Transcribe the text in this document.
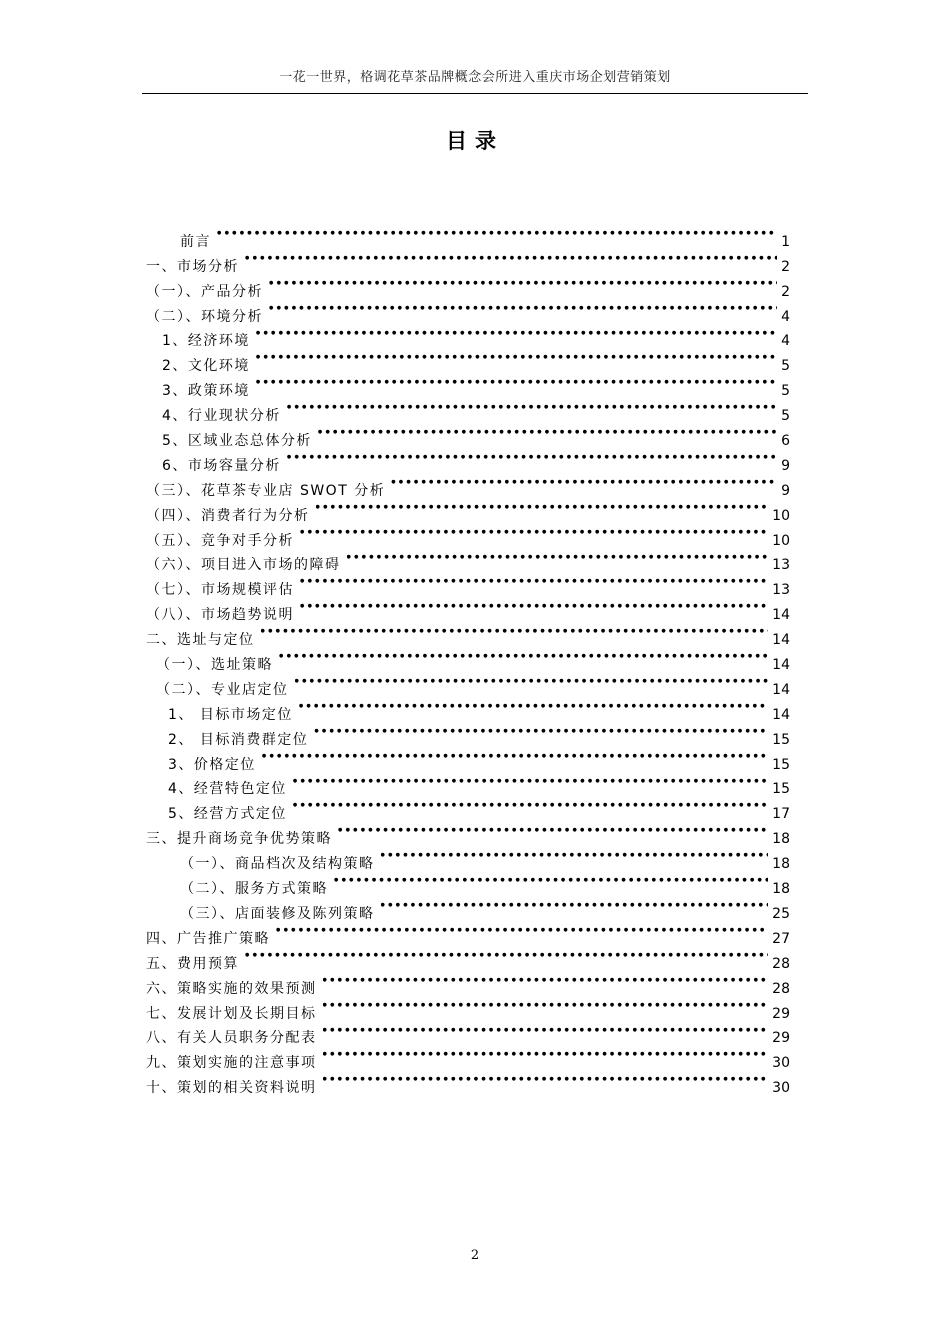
一花一世界，格调花草茶品牌概念会所进入重庆市场企划营销策划
目录
前言 ●●●●●●●●●●●●●●●●●●●●●●●●●●●●●●●●●●●●●●●●●●●●●●●●●●●●●●●●●●●●●●●●●●●●●●●●●●●●●●●●●●●●	1
一、市场分析 ●●●●●●●●●●●●●●●●●●●●●●●●●●●●●●●●●●●●●●●●●●●●●●●●●●●●●●●●●●●●●●●●●●●●●●●●●●●●●●●●●●●●	2
（一）、产品分析 ●●●●●●●●●●●●●●●●●●●●●●●●●●●●●●●●●●●●●●●●●●●●●●●●●●●●●●●●●●●●●●●●●●●●●●●●●●●●●●●●●●●●	2
（二）、环境分析 ●●●●●●●●●●●●●●●●●●●●●●●●●●●●●●●●●●●●●●●●●●●●●●●●●●●●●●●●●●●●●●●●●●●●●●●●●●●●●●●●●●●●	4
1、经济环境 ●●●●●●●●●●●●●●●●●●●●●●●●●●●●●●●●●●●●●●●●●●●●●●●●●●●●●●●●●●●●●●●●●●●●●●●●●●●●●●●●●●●●	4
2、文化环境 ●●●●●●●●●●●●●●●●●●●●●●●●●●●●●●●●●●●●●●●●●●●●●●●●●●●●●●●●●●●●●●●●●●●●●●●●●●●●●●●●●●●●	5
3、政策环境 ●●●●●●●●●●●●●●●●●●●●●●●●●●●●●●●●●●●●●●●●●●●●●●●●●●●●●●●●●●●●●●●●●●●●●●●●●●●●●●●●●●●●	5
4、行业现状分析 ●●●●●●●●●●●●●●●●●●●●●●●●●●●●●●●●●●●●●●●●●●●●●●●●●●●●●●●●●●●●●●●●●●●●●●●●●●●●●●●●●●●●	5
5、区域业态总体分析 ●●●●●●●●●●●●●●●●●●●●●●●●●●●●●●●●●●●●●●●●●●●●●●●●●●●●●●●●●●●●●●●●●●●●●●●●●●●●●●●●●●●●	6
6、市场容量分析 ●●●●●●●●●●●●●●●●●●●●●●●●●●●●●●●●●●●●●●●●●●●●●●●●●●●●●●●●●●●●●●●●●●●●●●●●●●●●●●●●●●●●	9
（三）、花草茶专业店 SWOT 分析 ●●●●●●●●●●●●●●●●●●●●●●●●●●●●●●●●●●●●●●●●●●●●●●●●●●●●●●●●●●●●●●●●●●●●●●●●●●●●●●●●●●●●	9
（四）、消费者行为分析 ●●●●●●●●●●●●●●●●●●●●●●●●●●●●●●●●●●●●●●●●●●●●●●●●●●●●●●●●●●●●●●●●●●●●●●●●●●●●●●●●●●●●	10
（五）、竞争对手分析 ●●●●●●●●●●●●●●●●●●●●●●●●●●●●●●●●●●●●●●●●●●●●●●●●●●●●●●●●●●●●●●●●●●●●●●●●●●●●●●●●●●●●	10
（六）、项目进入市场的障碍 ●●●●●●●●●●●●●●●●●●●●●●●●●●●●●●●●●●●●●●●●●●●●●●●●●●●●●●●●●●●●●●●●●●●●●●●●●●●●●●●●●●●●	13
（七）、市场规模评估 ●●●●●●●●●●●●●●●●●●●●●●●●●●●●●●●●●●●●●●●●●●●●●●●●●●●●●●●●●●●●●●●●●●●●●●●●●●●●●●●●●●●●	13
（八）、市场趋势说明 ●●●●●●●●●●●●●●●●●●●●●●●●●●●●●●●●●●●●●●●●●●●●●●●●●●●●●●●●●●●●●●●●●●●●●●●●●●●●●●●●●●●●	14
二、选址与定位 ●●●●●●●●●●●●●●●●●●●●●●●●●●●●●●●●●●●●●●●●●●●●●●●●●●●●●●●●●●●●●●●●●●●●●●●●●●●●●●●●●●●●	14
（一）、选址策略 ●●●●●●●●●●●●●●●●●●●●●●●●●●●●●●●●●●●●●●●●●●●●●●●●●●●●●●●●●●●●●●●●●●●●●●●●●●●●●●●●●●●●	14
（二）、专业店定位 ●●●●●●●●●●●●●●●●●●●●●●●●●●●●●●●●●●●●●●●●●●●●●●●●●●●●●●●●●●●●●●●●●●●●●●●●●●●●●●●●●●●●	14
1、 目标市场定位 ●●●●●●●●●●●●●●●●●●●●●●●●●●●●●●●●●●●●●●●●●●●●●●●●●●●●●●●●●●●●●●●●●●●●●●●●●●●●●●●●●●●●	14
2、 目标消费群定位 ●●●●●●●●●●●●●●●●●●●●●●●●●●●●●●●●●●●●●●●●●●●●●●●●●●●●●●●●●●●●●●●●●●●●●●●●●●●●●●●●●●●●	15
3、价格定位 ●●●●●●●●●●●●●●●●●●●●●●●●●●●●●●●●●●●●●●●●●●●●●●●●●●●●●●●●●●●●●●●●●●●●●●●●●●●●●●●●●●●●	15
4、经营特色定位 ●●●●●●●●●●●●●●●●●●●●●●●●●●●●●●●●●●●●●●●●●●●●●●●●●●●●●●●●●●●●●●●●●●●●●●●●●●●●●●●●●●●●	15
5、经营方式定位 ●●●●●●●●●●●●●●●●●●●●●●●●●●●●●●●●●●●●●●●●●●●●●●●●●●●●●●●●●●●●●●●●●●●●●●●●●●●●●●●●●●●●	17
三、提升商场竞争优势策略 ●●●●●●●●●●●●●●●●●●●●●●●●●●●●●●●●●●●●●●●●●●●●●●●●●●●●●●●●●●●●●●●●●●●●●●●●●●●●●●●●●●●●	18
（一）、商品档次及结构策略 ●●●●●●●●●●●●●●●●●●●●●●●●●●●●●●●●●●●●●●●●●●●●●●●●●●●●●●●●●●●●●●●●●●●●●●●●●●●●●●●●●●●●	18
（二）、服务方式策略 ●●●●●●●●●●●●●●●●●●●●●●●●●●●●●●●●●●●●●●●●●●●●●●●●●●●●●●●●●●●●●●●●●●●●●●●●●●●●●●●●●●●●	18
（三）、店面装修及陈列策略 ●●●●●●●●●●●●●●●●●●●●●●●●●●●●●●●●●●●●●●●●●●●●●●●●●●●●●●●●●●●●●●●●●●●●●●●●●●●●●●●●●●●●	25
四、广告推广策略 ●●●●●●●●●●●●●●●●●●●●●●●●●●●●●●●●●●●●●●●●●●●●●●●●●●●●●●●●●●●●●●●●●●●●●●●●●●●●●●●●●●●●	27
五、费用预算 ●●●●●●●●●●●●●●●●●●●●●●●●●●●●●●●●●●●●●●●●●●●●●●●●●●●●●●●●●●●●●●●●●●●●●●●●●●●●●●●●●●●●	28
六、策略实施的效果预测 ●●●●●●●●●●●●●●●●●●●●●●●●●●●●●●●●●●●●●●●●●●●●●●●●●●●●●●●●●●●●●●●●●●●●●●●●●●●●●●●●●●●●	28
七、发展计划及长期目标 ●●●●●●●●●●●●●●●●●●●●●●●●●●●●●●●●●●●●●●●●●●●●●●●●●●●●●●●●●●●●●●●●●●●●●●●●●●●●●●●●●●●●	29
八、有关人员职务分配表 ●●●●●●●●●●●●●●●●●●●●●●●●●●●●●●●●●●●●●●●●●●●●●●●●●●●●●●●●●●●●●●●●●●●●●●●●●●●●●●●●●●●●	29
九、策划实施的注意事项 ●●●●●●●●●●●●●●●●●●●●●●●●●●●●●●●●●●●●●●●●●●●●●●●●●●●●●●●●●●●●●●●●●●●●●●●●●●●●●●●●●●●●	30
十、策划的相关资料说明 ●●●●●●●●●●●●●●●●●●●●●●●●●●●●●●●●●●●●●●●●●●●●●●●●●●●●●●●●●●●●●●●●●●●●●●●●●●●●●●●●●●●●	30
2
